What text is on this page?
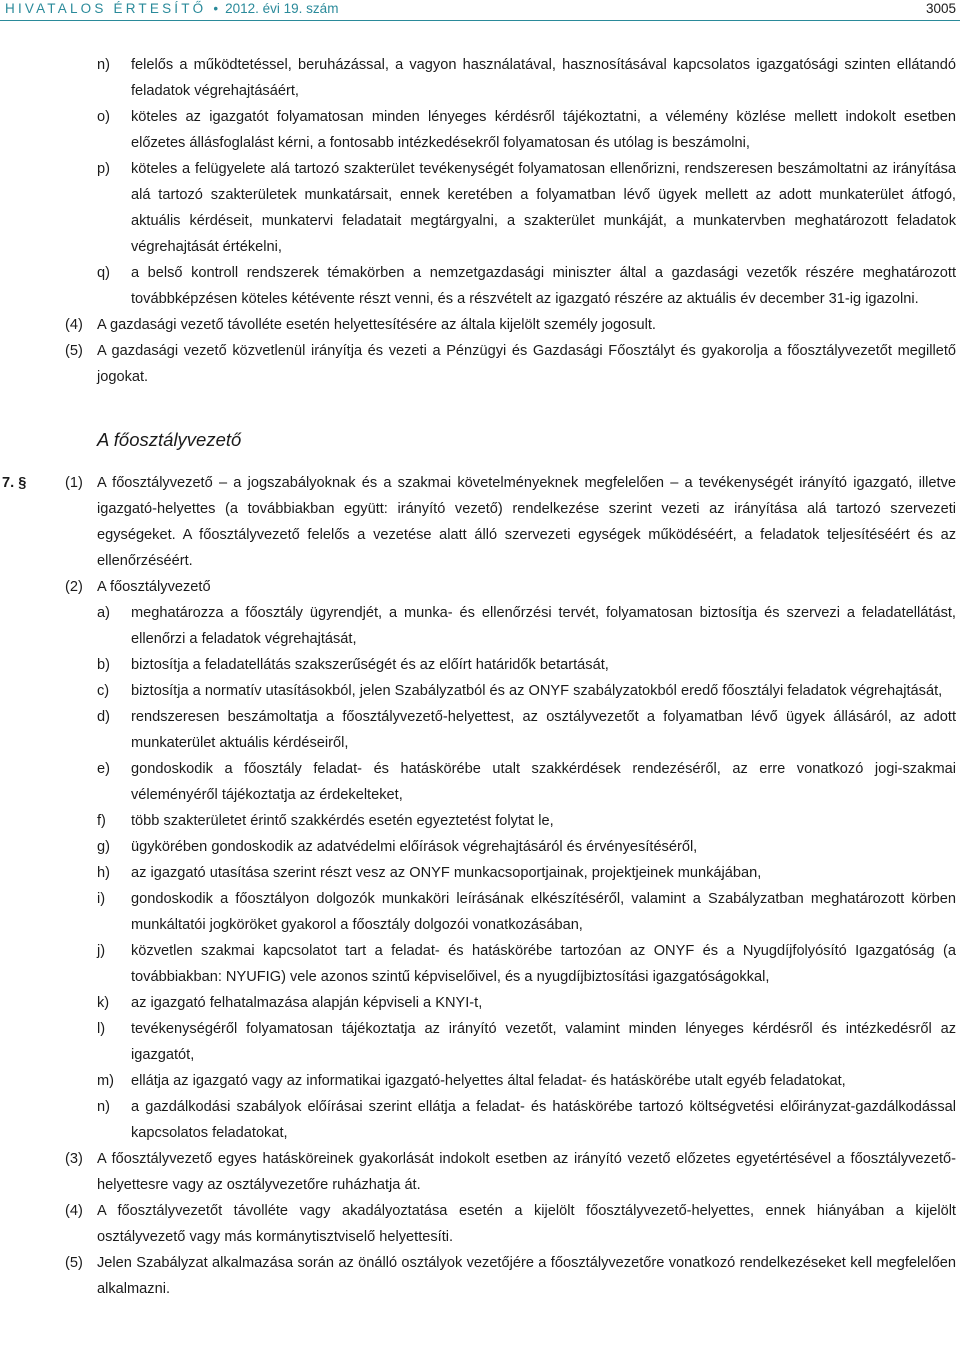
HIVATALOS ÉRTESÍTŐ • 2012. évi 19. szám	3005
n) felelős a működtetéssel, beruházással, a vagyon használatával, hasznosításával kapcsolatos igazgatósági szinten ellátandó feladatok végrehajtásáért,
o) köteles az igazgatót folyamatosan minden lényeges kérdésről tájékoztatni, a vélemény közlése mellett indokolt esetben előzetes állásfoglalást kérni, a fontosabb intézkedésekről folyamatosan és utólag is beszámolni,
p) köteles a felügyelete alá tartozó szakterület tevékenységét folyamatosan ellenőrizni, rendszeresen beszámoltatni az irányítása alá tartozó szakterületek munkatársait, ennek keretében a folyamatban lévő ügyek mellett az adott munkaterület átfogó, aktuális kérdéseit, munkatervi feladatait megtárgyalni, a szakterület munkáját, a munkatervben meghatározott feladatok végrehajtását értékelni,
q) a belső kontroll rendszerek témakörben a nemzetgazdasági miniszter által a gazdasági vezetők részére meghatározott továbbképzésen köteles kétévente részt venni, és a részvételt az igazgató részére az aktuális év december 31-ig igazolni.
(4) A gazdasági vezető távolléte esetén helyettesítésére az általa kijelölt személy jogosult.
(5) A gazdasági vezető közvetlenül irányítja és vezeti a Pénzügyi és Gazdasági Főosztályt és gyakorolja a főosztályvezetőt megillető jogokat.
A főosztályvezető
7. §	(1) A főosztályvezető – a jogszabályoknak és a szakmai követelményeknek megfelelően – a tevékenységét irányító igazgató, illetve igazgató-helyettes (a továbbiakban együtt: irányító vezető) rendelkezése szerint vezeti az irányítása alá tartozó szervezeti egységeket. A főosztályvezető felelős a vezetése alatt álló szervezeti egységek működéséért, a feladatok teljesítéséért és az ellenőrzéséért.
(2) A főosztályvezető
a) meghatározza a főosztály ügyrendjét, a munka- és ellenőrzési tervét, folyamatosan biztosítja és szervezi a feladatellátást, ellenőrzi a feladatok végrehajtását,
b) biztosítja a feladatellátás szakszerűségét és az előírt határidők betartását,
c) biztosítja a normatív utasításokból, jelen Szabályzatból és az ONYF szabályzatokból eredő főosztályi feladatok végrehajtását,
d) rendszeresen beszámoltatja a főosztályvezető-helyettest, az osztályvezetőt a folyamatban lévő ügyek állásáról, az adott munkaterület aktuális kérdéseiről,
e) gondoskodik a főosztály feladat- és hatáskörébe utalt szakkérdések rendezéséről, az erre vonatkozó jogi-szakmai véleményéről tájékoztatja az érdekelteket,
f) több szakterületet érintő szakkérdés esetén egyeztetést folytat le,
g) ügykörében gondoskodik az adatvédelmi előírások végrehajtásáról és érvényesítéséről,
h) az igazgató utasítása szerint részt vesz az ONYF munkacsoportjainak, projektjeinek munkájában,
i) gondoskodik a főosztályon dolgozók munkaköri leírásának elkészítéséről, valamint a Szabályzatban meghatározott körben munkáltatói jogköröket gyakorol a főosztály dolgozói vonatkozásában,
j) közvetlen szakmai kapcsolatot tart a feladat- és hatáskörébe tartozóan az ONYF és a Nyugdíjfolyósító Igazgatóság (a továbbiakban: NYUFIG) vele azonos szintű képviselőivel, és a nyugdíjbiztosítási igazgatóságokkal,
k) az igazgató felhatalmazása alapján képviseli a KNYI-t,
l) tevékenységéről folyamatosan tájékoztatja az irányító vezetőt, valamint minden lényeges kérdésről és intézkedésről az igazgatót,
m) ellátja az igazgató vagy az informatikai igazgató-helyettes által feladat- és hatáskörébe utalt egyéb feladatokat,
n) a gazdálkodási szabályok előírásai szerint ellátja a feladat- és hatáskörébe tartozó költségvetési előirányzat-gazdálkodással kapcsolatos feladatokat,
(3) A főosztályvezető egyes hatásköreinek gyakorlását indokolt esetben az irányító vezető előzetes egyetértésével a főosztályvezető-helyettesre vagy az osztályvezetőre ruházhatja át.
(4) A főosztályvezetőt távolléte vagy akadályoztatása esetén a kijelölt főosztályvezető-helyettes, ennek hiányában a kijelölt osztályvezető vagy más kormánytisztviselő helyettesíti.
(5) Jelen Szabályzat alkalmazása során az önálló osztályok vezetőjére a főosztályvezetőre vonatkozó rendelkezéseket kell megfelelően alkalmazni.
